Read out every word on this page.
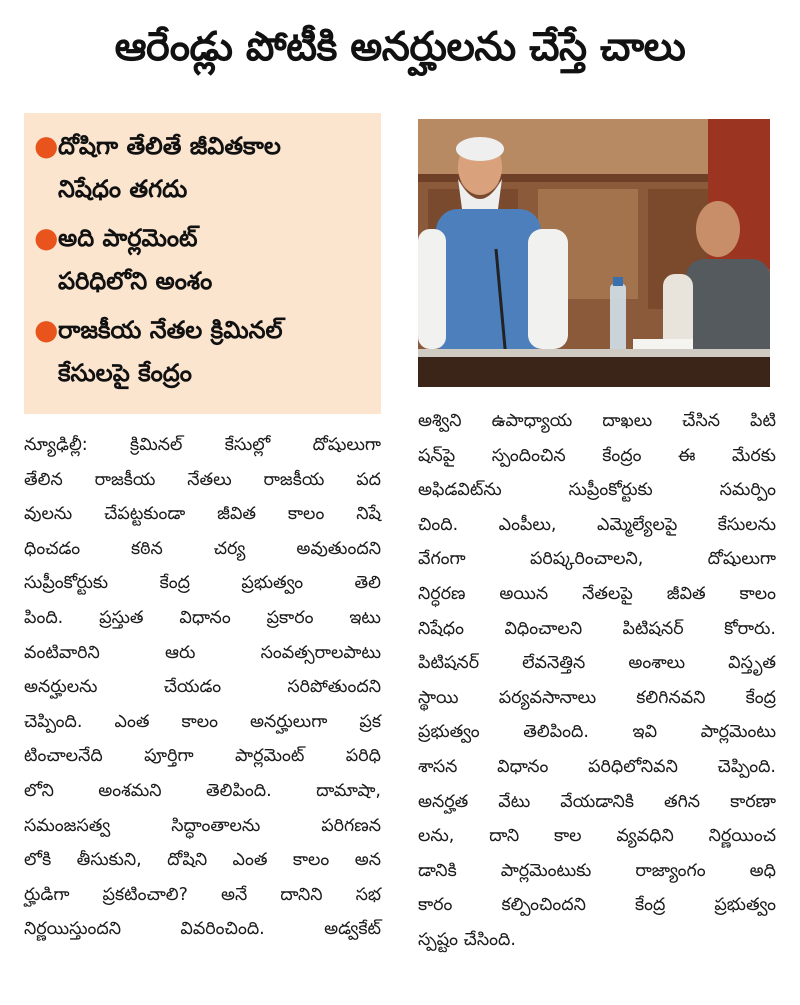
ఆరేండ్లు పోటీకి అనర్హులను చేస్తే చాలు
● దోషిగా తేలితే జీవితకాల
నిషేధం తగదు
● అది పార్లమెంట్
పరిధిలోని అంశం
● రాజకీయ నేతల క్రిమినల్
కేసులపై కేంద్రం

న్యూఢిల్లీ: క్రిమినల్ కేసుల్లో దోషులుగా

తేలిన రాజకీయ నేతలు రాజకీయ పద

వులను చేపట్టకుండా జీవిత కాలం నిషే

ధించడం కఠిన చర్య అవుతుందని

సుప్రీంకోర్టుకు కేంద్ర ప్రభుత్వం తెలి

పింది. ప్రస్తుత విధానం ప్రకారం ఇటు

వంటివారిని ఆరు సంవత్సరాలపాటు

అనర్హులను చేయడం సరిపోతుందని

చెప్పింది. ఎంత కాలం అనర్హులుగా ప్రక

టించాలనేది పూర్తిగా పార్లమెంట్ పరిధి

లోని అంశమని తెలిపింది. దామాషా,

సమంజసత్వ సిద్ధాంతాలను పరిగణన

లోకి తీసుకుని, దోషిని ఎంత కాలం అన

ర్హుడిగా ప్రకటించాలి? అనే దానిని సభ

నిర్ణయిస్తుందని వివరించింది. అడ్వకేట్

అశ్విని ఉపాధ్యాయ దాఖలు చేసిన పిటి

షన్‌పై స్పందించిన కేంద్రం ఈ మేరకు

అఫిడవిట్‌ను సుప్రీంకోర్టుకు సమర్పిం

చింది. ఎంపీలు, ఎమ్మెల్యేలపై కేసులను

వేగంగా పరిష్కరించాలని, దోషులుగా

నిర్ధరణ అయిన నేతలపై జీవిత కాలం

నిషేధం విధించాలని పిటిషనర్ కోరారు.

పిటిషనర్ లేవనెత్తిన అంశాలు విస్తృత

స్థాయి పర్యవసానాలు కలిగినవని కేంద్ర

ప్రభుత్వం తెలిపింది. ఇవి పార్లమెంటు

శాసన విధానం పరిధిలోనివని చెప్పింది.

అనర్హత వేటు వేయడానికి తగిన కారణా

లను, దాని కాల వ్యవధిని నిర్ణయించ

డానికి పార్లమెంటుకు రాజ్యాంగం అధి

కారం కల్పించిందని కేంద్ర ప్రభుత్వం

స్పష్టం చేసింది.
